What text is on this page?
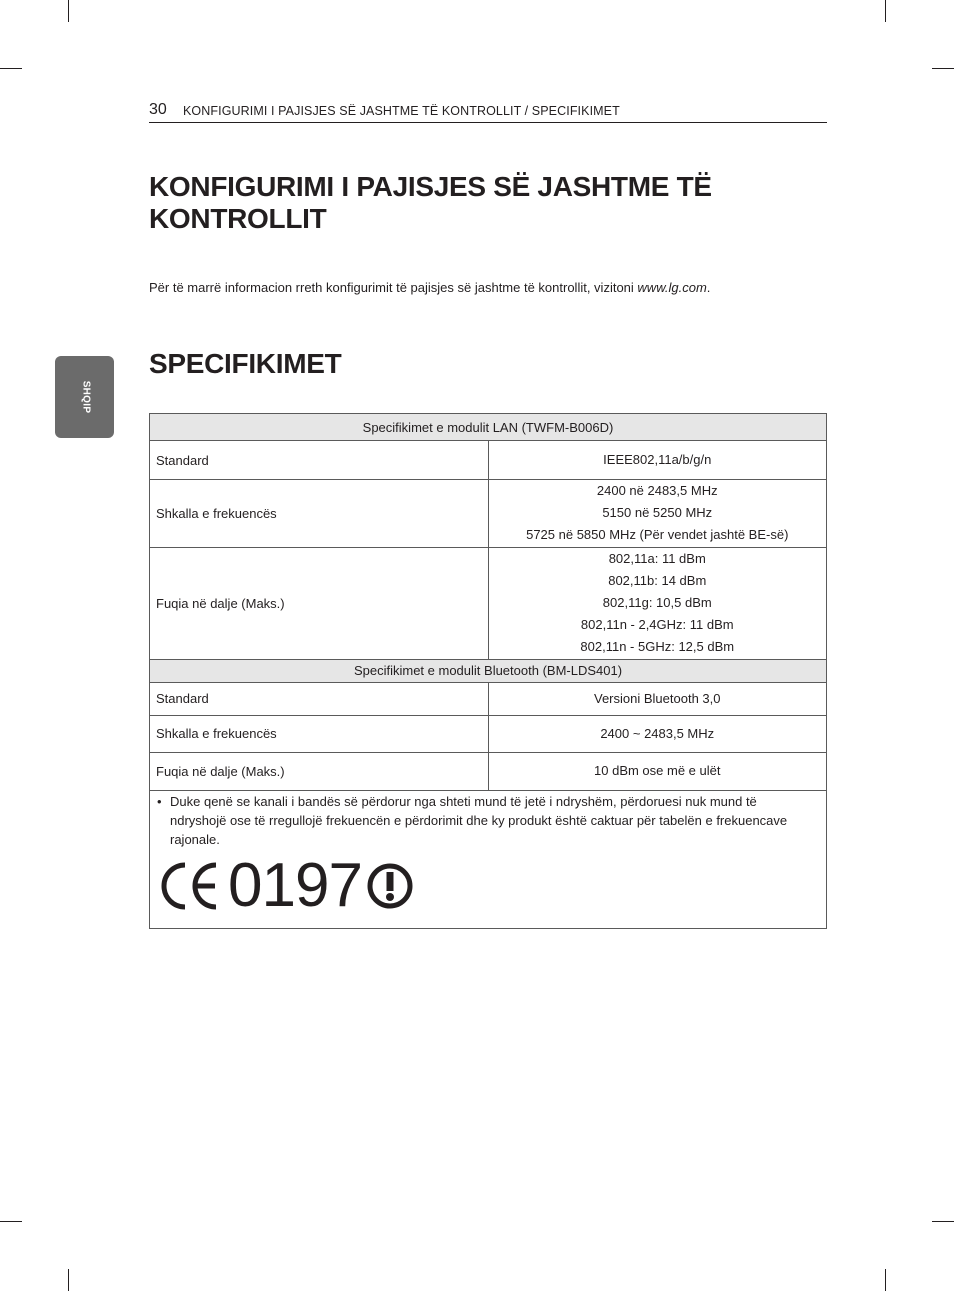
SHQIP
30 KONFIGURIMI I PAJISJES SË JASHTME TË KONTROLLIT / SPECIFIKIMET
KONFIGURIMI I PAJISJES SË JASHTME TË KONTROLLIT

Për të marrë informacion rreth konfigurimit të pajisjes së jashtme të kontrollit, vizitoni www.lg.com.

SPECIFIKIMET
Specifikimet e modulit LAN (TWFM-B006D)	
Standard	IEEE802,11a/b/g/n
Shkalla e frekuencës	2400 në 2483,5 MHz
5150 në 5250 MHz
5725 në 5850 MHz (Për vendet jashtë BE-së)

Fuqia në dalje (Maks.)	802,11a: 11 dBm
802,11b: 14 dBm
802,11g: 10,5 dBm
802,11n - 2,4GHz: 11 dBm
802,11n - 5GHz: 12,5 dBm

Specifikimet e modulit Bluetooth (BM-LDS401)	
Standard	Versioni Bluetooth 3,0
Shkalla e frekuencës	2400 ~ 2483,5 MHz
Fuqia në dalje (Maks.)	10 dBm ose më e ulët

• Duke qenë se kanali i bandës së përdorur nga shteti mund të jetë i ndryshëm, përdoruesi nuk mund të ndryshojë ose të rregullojë frekuencën e përdorimit dhe ky produkt është caktuar për tabelën e frekuencave rajonale.

0197	
